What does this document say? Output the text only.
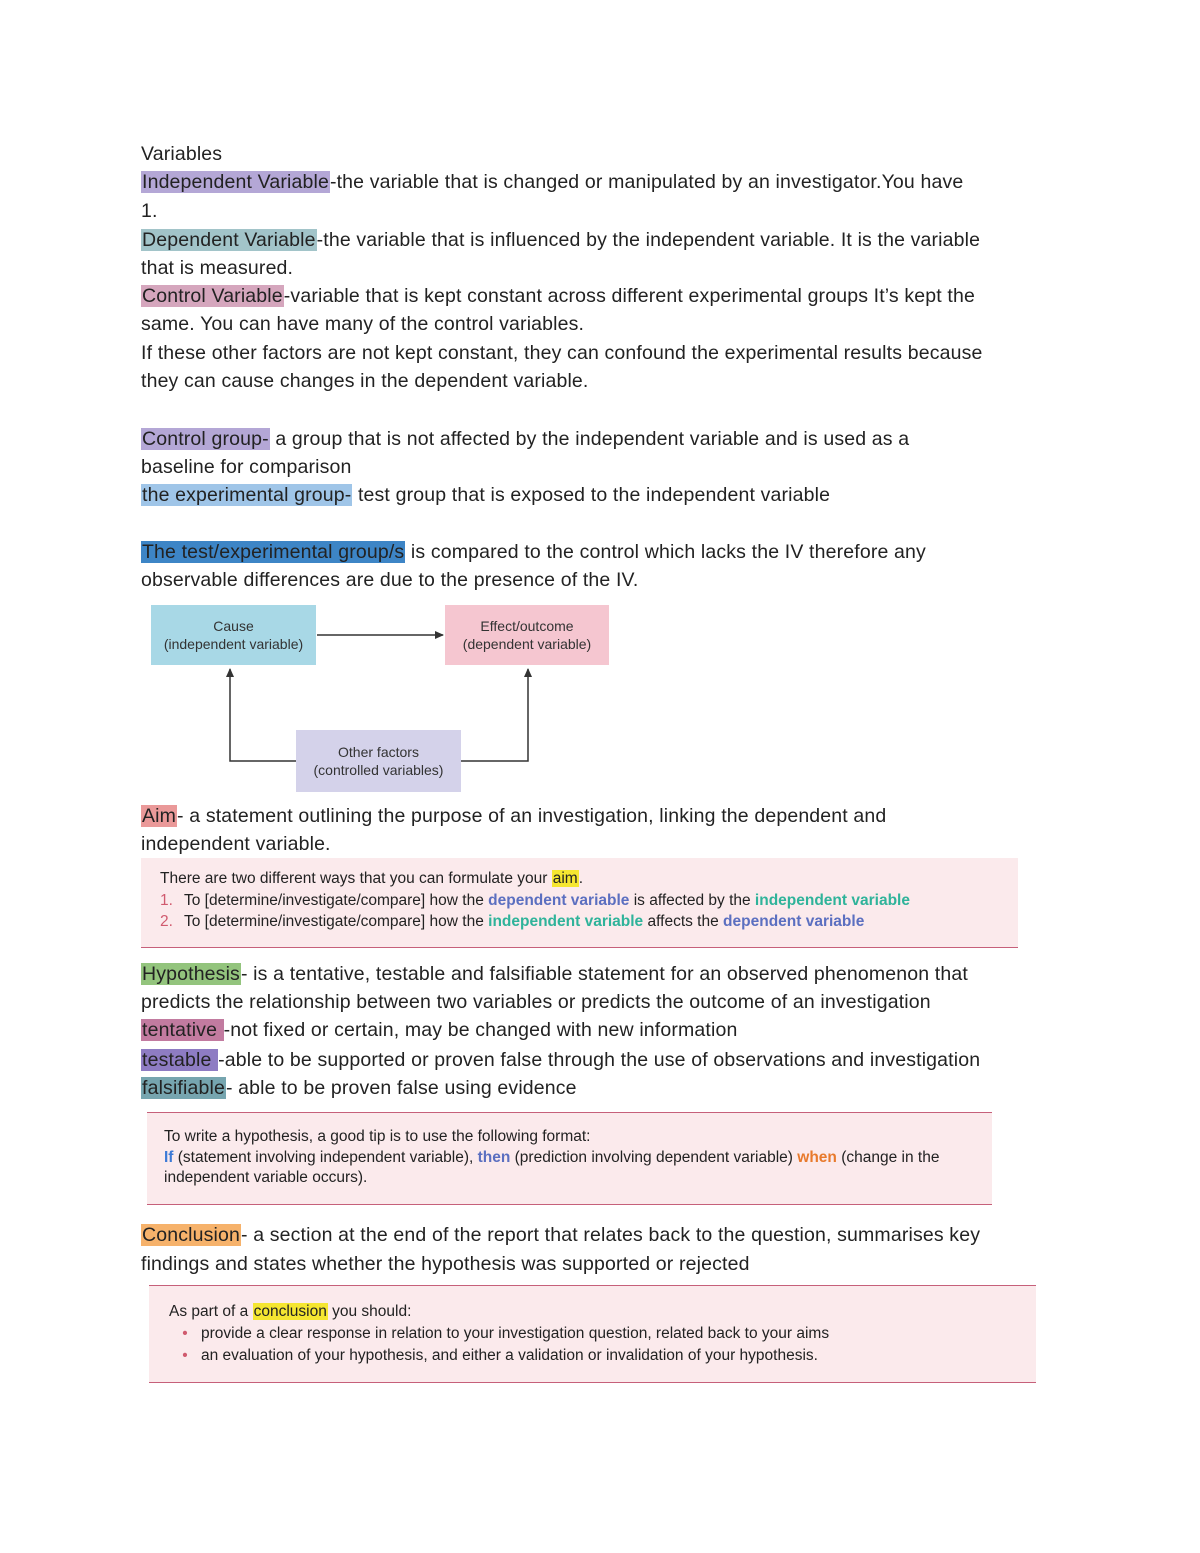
Variables
Independent Variable-the variable that is changed or manipulated by an investigator.You have
1.
Dependent Variable-the variable that is influenced by the independent variable. It is the variable
that is measured.
Control Variable-variable that is kept constant across different experimental groups It’s kept the
same. You can have many of the control variables.
If these other factors are not kept constant, they can confound the experimental results because
they can cause changes in the dependent variable.
Control group- a group that is not affected by the independent variable and is used as a
baseline for comparison
the experimental group- test group that is exposed to the independent variable
The test/experimental group/s is compared to the control which lacks the IV therefore any
observable differences are due to the presence of the IV.
Cause
(independent variable)
Effect/outcome
(dependent variable)
Other factors
(controlled variables)
Aim- a statement outlining the purpose of an investigation, linking the dependent and
independent variable.
There are two different ways that you can formulate your aim.
1. To [determine/investigate/compare] how the dependent variable is affected by the independent variable
2. To [determine/investigate/compare] how the independent variable affects the dependent variable
Hypothesis- is a tentative, testable and falsifiable statement for an observed phenomenon that
predicts the relationship between two variables or predicts the outcome of an investigation
tentative -not fixed or certain, may be changed with new information
testable -able to be supported or proven false through the use of observations and investigation
falsifiable- able to be proven false using evidence
To write a hypothesis, a good tip is to use the following format:
If (statement involving independent variable), then (prediction involving dependent variable) when (change in the
independent variable occurs).
Conclusion- a section at the end of the report that relates back to the question, summarises key
findings and states whether the hypothesis was supported or rejected
As part of a conclusion you should:
• provide a clear response in relation to your investigation question, related back to your aims
• an evaluation of your hypothesis, and either a validation or invalidation of your hypothesis.
